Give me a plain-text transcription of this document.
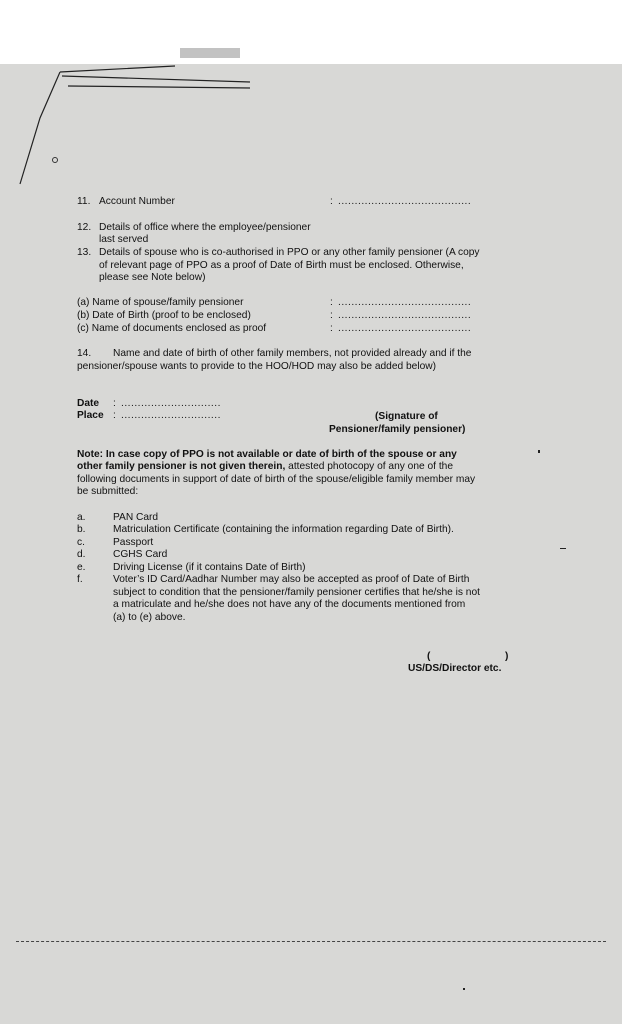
11. Account Number	: ........................................
12. Details of office where the employee/pensioner
last served
13. Details of spouse who is co-authorised in PPO or any other family pensioner (A copy
of relevant page of PPO as a proof of Date of Birth must be enclosed. Otherwise,
please see Note below)
(a) Name of spouse/family pensioner	: ........................................
(b) Date of Birth (proof to be enclosed)	: ........................................
(c) Name of documents enclosed as proof	: ........................................
14. Name and date of birth of other family members, not provided already and if the
pensioner/spouse wants to provide to the HOO/HOD may also be added below)
Date : ..............................
Place : ..............................	(Signature of
Pensioner/family pensioner)
Note: In case copy of PPO is not available or date of birth of the spouse or any
other family pensioner is not given therein, attested photocopy of any one of the
following documents in support of date of birth of the spouse/eligible family member may
be submitted:
a.	PAN Card
b.	Matriculation Certificate (containing the information regarding Date of Birth).
c.	Passport
d.	CGHS Card
e.	Driving License (if it contains Date of Birth)
f.	Voter’s ID Card/Aadhar Number may also be accepted as proof of Date of Birth
subject to condition that the pensioner/family pensioner certifies that he/she is not
a matriculate and he/she does not have any of the documents mentioned from
(a) to (e) above.
(	)
US/DS/Director etc.
